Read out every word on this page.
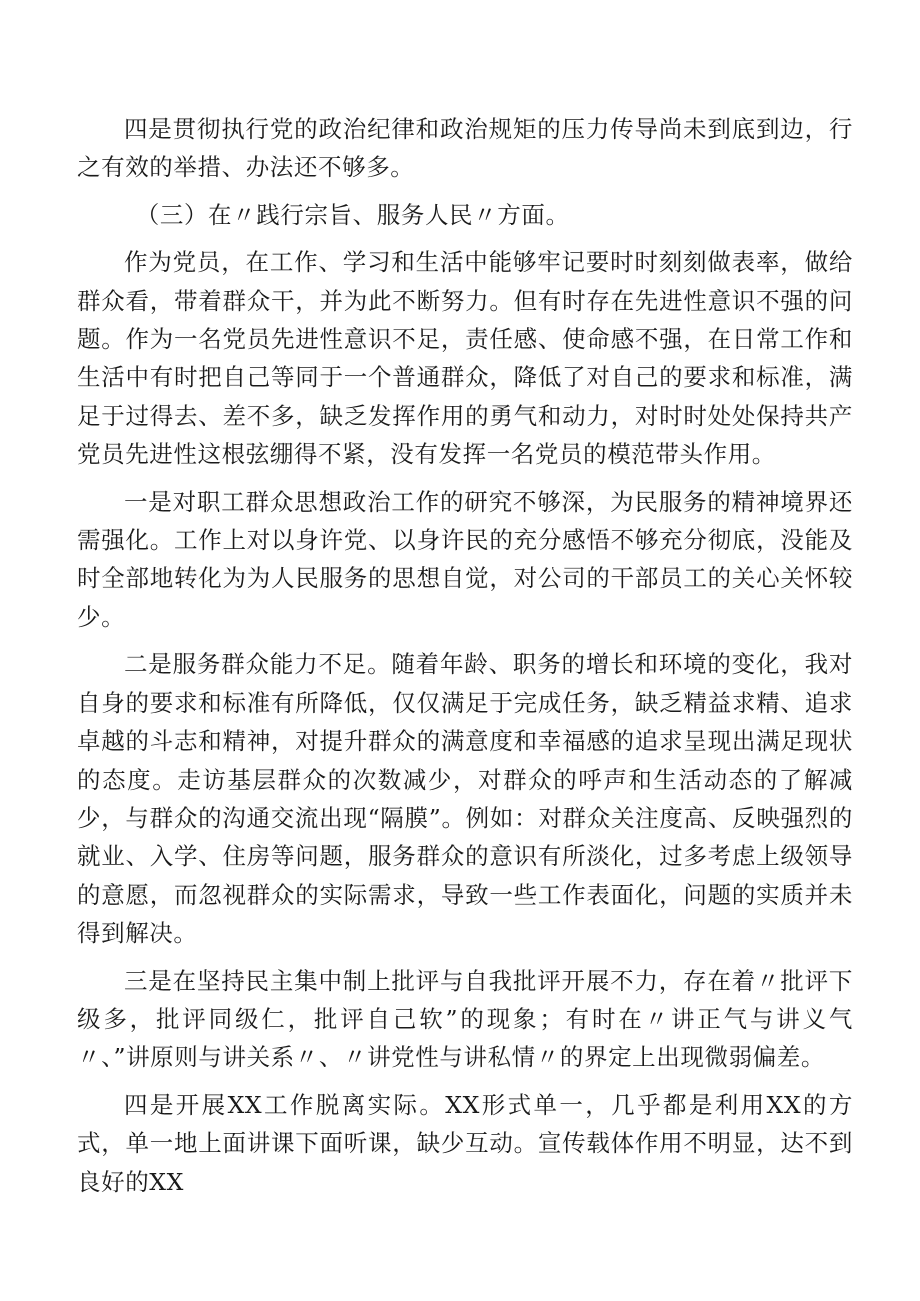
四是贯彻执行党的政治纪律和政治规矩的压力传导尚未到底到边，行之有效的举措、办法还不够多。

（三）在〃践行宗旨、服务人民〃方面。

作为党员，在工作、学习和生活中能够牢记要时时刻刻做表率，做给群众看，带着群众干，并为此不断努力。但有时存在先进性意识不强的问题。作为一名党员先进性意识不足，责任感、使命感不强，在日常工作和生活中有时把自己等同于一个普通群众，降低了对自己的要求和标准，满足于过得去、差不多，缺乏发挥作用的勇气和动力，对时时处处保持共产党员先进性这根弦绷得不紧，没有发挥一名党员的模范带头作用。

一是对职工群众思想政治工作的研究不够深，为民服务的精神境界还需强化。工作上对以身许党、以身许民的充分感悟不够充分彻底，没能及时全部地转化为为人民服务的思想自觉，对公司的干部员工的关心关怀较少。

二是服务群众能力不足。随着年龄、职务的增长和环境的变化，我对自身的要求和标准有所降低，仅仅满足于完成任务，缺乏精益求精、追求卓越的斗志和精神，对提升群众的满意度和幸福感的追求呈现出满足现状的态度。走访基层群众的次数减少，对群众的呼声和生活动态的了解减少，与群众的沟通交流出现“隔膜”。例如：对群众关注度高、反映强烈的就业、入学、住房等问题，服务群众的意识有所淡化，过多考虑上级领导的意愿，而忽视群众的实际需求，导致一些工作表面化，问题的实质并未得到解决。

三是在坚持民主集中制上批评与自我批评开展不力，存在着〃批评下级多，批评同级仁，批评自己软”的现象；有时在〃讲正气与讲义气〃、”讲原则与讲关系〃、〃讲党性与讲私情〃的界定上出现微弱偏差。

四是开展XX工作脱离实际。XX形式单一，几乎都是利用XX的方式，单一地上面讲课下面听课，缺少互动。宣传载体作用不明显，达不到良好的XX
